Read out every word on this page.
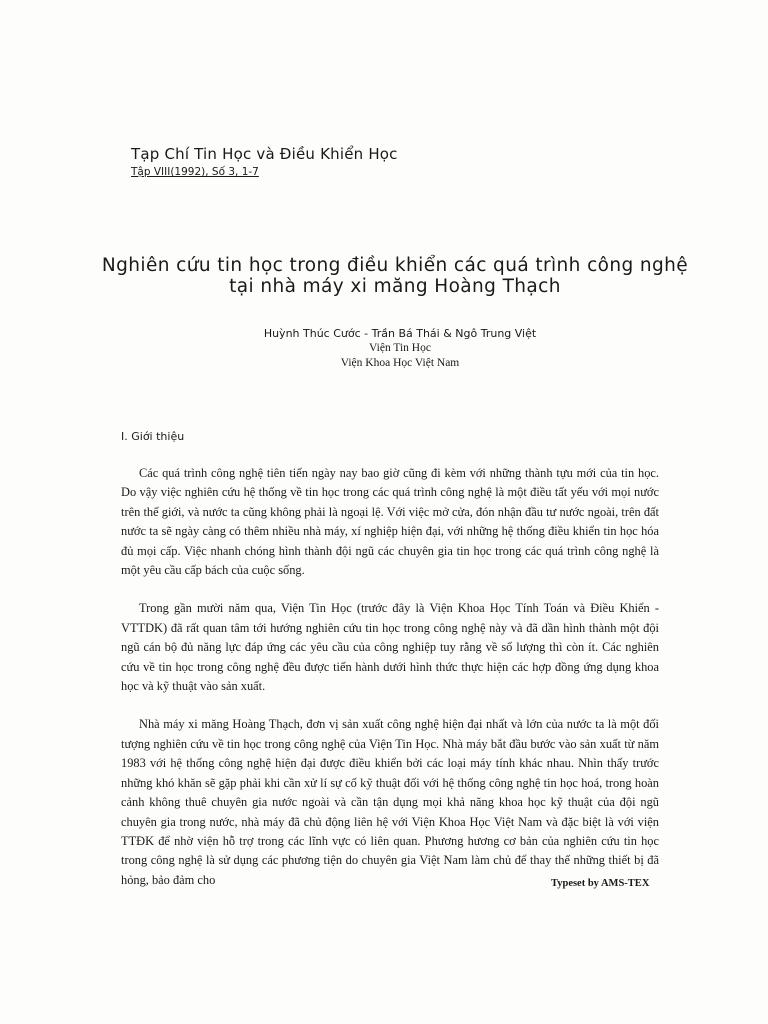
Tạp Chí Tin Học và Điều Khiển Học
Tập VIII(1992), Số 3, 1-7
Nghiên cứu tin học trong điều khiển các quá trình công nghệ
tại nhà máy xi măng Hoàng Thạch
Huỳnh Thúc Cước - Trần Bá Thái & Ngô Trung Việt
Viện Tin Học
Viện Khoa Học Việt Nam
I. Giới thiệu

Các quá trình công nghệ tiên tiến ngày nay bao giờ cũng đi kèm với những thành tựu mới của tin học. Do vậy việc nghiên cứu hệ thống về tin học trong các quá trình công nghệ là một điều tất yếu với mọi nước trên thế giới, và nước ta cũng không phải là ngoại lệ. Với việc mở cửa, đón nhận đầu tư nước ngoài, trên đất nước ta sẽ ngày càng có thêm nhiều nhà máy, xí nghiệp hiện đại, với những hệ thống điều khiển tin học hóa đủ mọi cấp. Việc nhanh chóng hình thành đội ngũ các chuyên gia tin học trong các quá trình công nghệ là một yêu cầu cấp bách của cuộc sống.

Trong gần mười năm qua, Viện Tin Học (trước đây là Viện Khoa Học Tính Toán và Điều Khiển - VTTDK) đã rất quan tâm tới hướng nghiên cứu tin học trong công nghệ này và đã dần hình thành một đội ngũ cán bộ đủ năng lực đáp ứng các yêu cầu của công nghiệp tuy rằng về số lượng thì còn ít. Các nghiên cứu về tin học trong công nghệ đều được tiến hành dưới hình thức thực hiện các hợp đồng ứng dụng khoa học và kỹ thuật vào sản xuất.

Nhà máy xi măng Hoàng Thạch, đơn vị sản xuất công nghệ hiện đại nhất và lớn của nước ta là một đối tượng nghiên cứu về tin học trong công nghệ của Viện Tin Học. Nhà máy bắt đầu bước vào sản xuất từ năm 1983 với hệ thống công nghệ hiện đại được điều khiển bởi các loại máy tính khác nhau. Nhìn thấy trước những khó khăn sẽ gặp phải khi cần xử lí sự cố kỹ thuật đối với hệ thống công nghệ tin học hoá, trong hoàn cảnh không thuê chuyên gia nước ngoài và cần tận dụng mọi khả năng khoa học kỹ thuật của đội ngũ chuyên gia trong nước, nhà máy đã chủ động liên hệ với Viện Khoa Học Việt Nam và đặc biệt là với viện TTĐK để nhờ viện hỗ trợ trong các lĩnh vực có liên quan. Phương hương cơ bản của nghiên cứu tin học trong công nghệ là sử dụng các phương tiện do chuyên gia Việt Nam làm chủ để thay thế những thiết bị đã hỏng, bảo đảm cho	Typeset by AMS-TEX
